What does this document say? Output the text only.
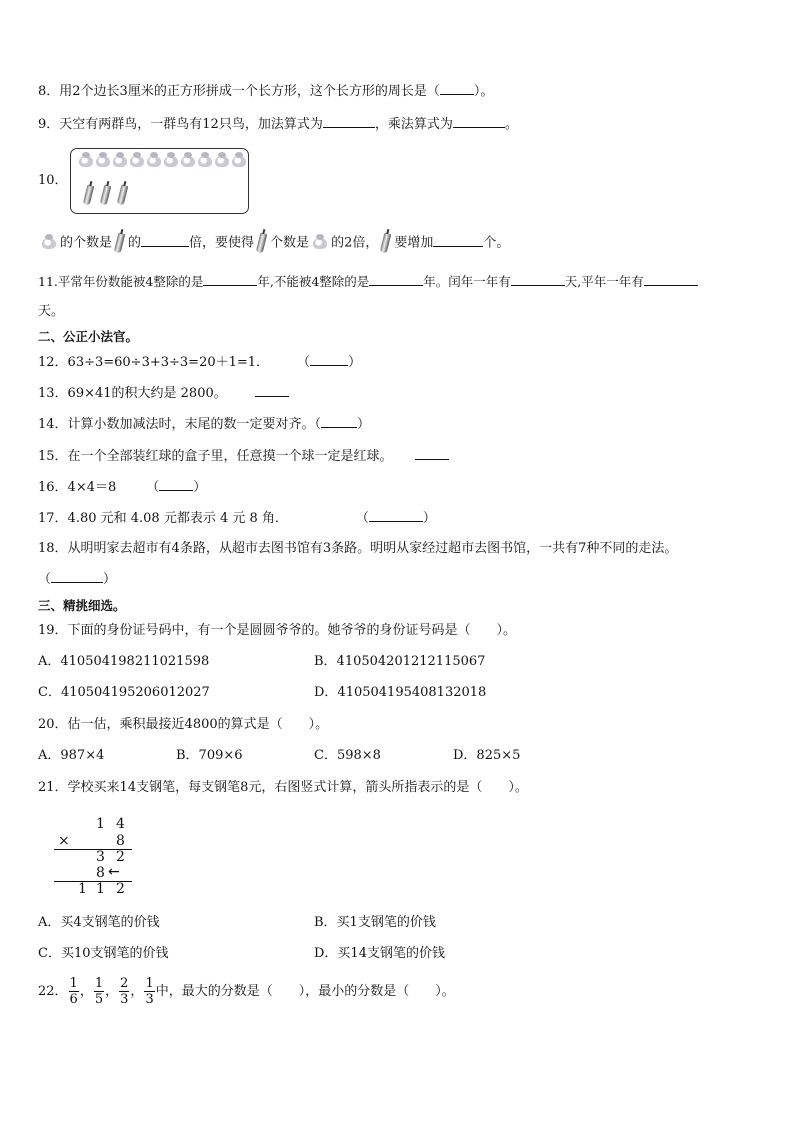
8．用2个边长3厘米的正方形拼成一个长方形，这个长方形的周长是（	）。
9．天空有两群鸟，一群鸟有12只鸟，加法算式为	，乘法算式为	。
10．
的个数是 的	倍，要使得 个数是 的2倍， 要增加	个。
11.平常年份数能被4整除的是	年,不能被4整除的是	年。闰年一年有	天,平年一年有
天。
二、公正小法官。
12．63÷3=60÷3+3÷3=20＋1=1． （	）
13．69×41的积大约是 2800。
14．计算小数加减法时，末尾的数一定要对齐。（	）
15．在一个全部装红球的盒子里，任意摸一个球一定是红球。
16．4×4＝8 （	）
17．4.80 元和 4.08 元都表示 4 元 8 角．	（	）
18．从明明家去超市有4条路，从超市去图书馆有3条路。明明从家经过超市去图书馆，一共有7种不同的走法。
（	）
三、精挑细选。
19．下面的身份证号码中，有一个是圆圆爷爷的。她爷爷的身份证号码是（　　）。
A．410504198211021598	B．410504201212115067
C．410504195206012027	D．410504195408132018
20．估一估，乘积最接近4800的算式是（　　）。
A．987×4	B．709×6	C．598×8	D．825×5
21．学校买来14支钢笔，每支钢笔8元，右图竖式计算，箭头所指表示的是（　　）。
1 4
×	8
3 2
8 ←
1 1 2
A．买4支钢笔的价钱	B．买1支钢笔的价钱
C．买10支钢笔的价钱	D．买14支钢笔的价钱
22． $\frac{1}{6}$ ， $\frac{1}{5}$ ， $\frac{2}{3}$ ， $\frac{1}{3}$ 中，最大的分数是（　　），最小的分数是（　　）。
